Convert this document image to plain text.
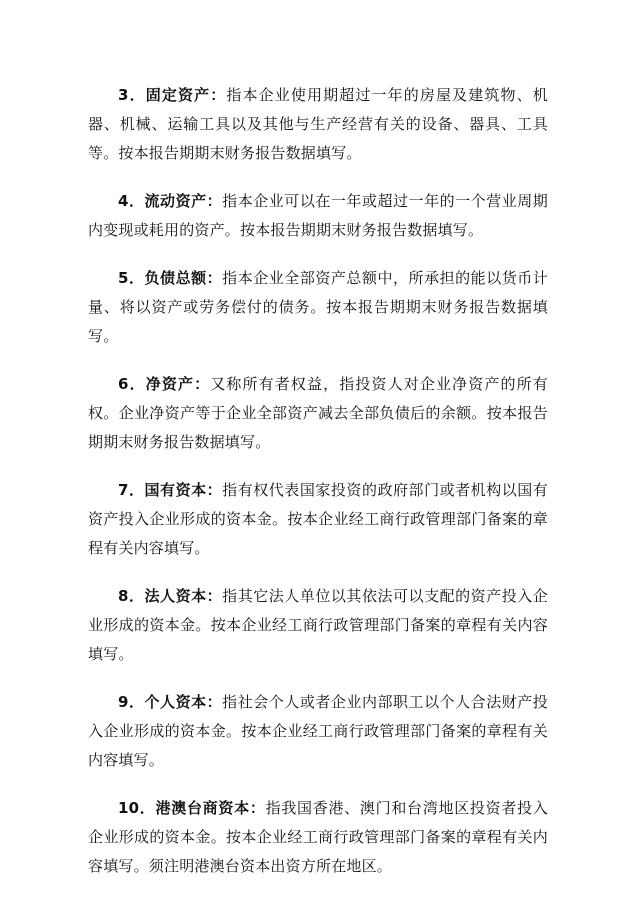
3．固定资产：指本企业使用期超过一年的房屋及建筑物、机器、机械、运输工具以及其他与生产经营有关的设备、器具、工具等。按本报告期期末财务报告数据填写。

4．流动资产：指本企业可以在一年或超过一年的一个营业周期内变现或耗用的资产。按本报告期期末财务报告数据填写。

5．负债总额：指本企业全部资产总额中，所承担的能以货币计量、将以资产或劳务偿付的债务。按本报告期期末财务报告数据填写。

6．净资产：又称所有者权益，指投资人对企业净资产的所有权。企业净资产等于企业全部资产减去全部负债后的余额。按本报告期期末财务报告数据填写。

7．国有资本：指有权代表国家投资的政府部门或者机构以国有资产投入企业形成的资本金。按本企业经工商行政管理部门备案的章程有关内容填写。

8．法人资本：指其它法人单位以其依法可以支配的资产投入企业形成的资本金。按本企业经工商行政管理部门备案的章程有关内容填写。

9．个人资本：指社会个人或者企业内部职工以个人合法财产投入企业形成的资本金。按本企业经工商行政管理部门备案的章程有关内容填写。

10．港澳台商资本：指我国香港、澳门和台湾地区投资者投入企业形成的资本金。按本企业经工商行政管理部门备案的章程有关内容填写。须注明港澳台资本出资方所在地区。
